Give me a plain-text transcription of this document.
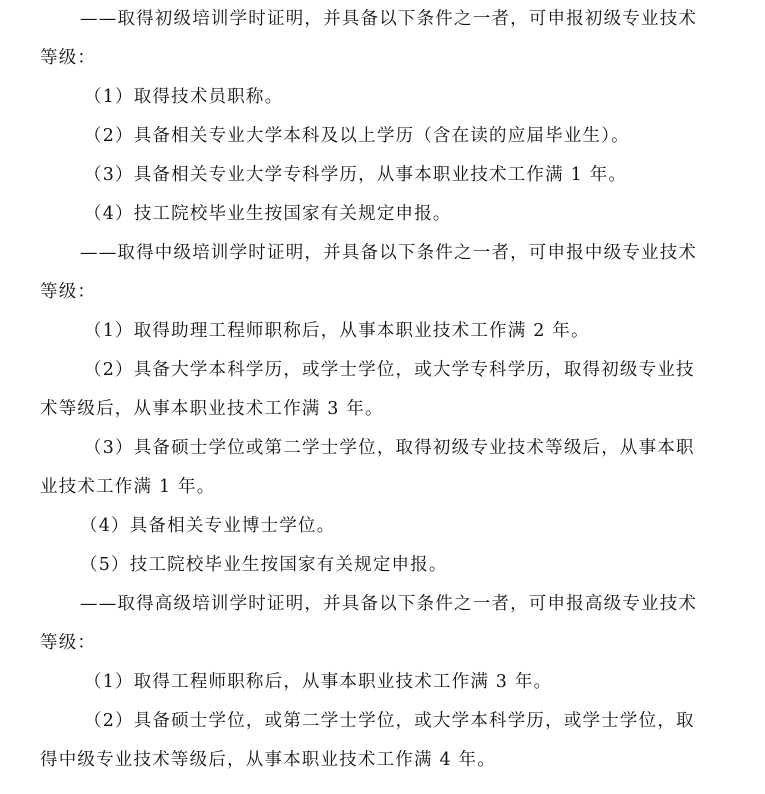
——取得初级培训学时证明，并具备以下条件之一者，可申报初级专业技术
等级：
（1）取得技术员职称。
（2）具备相关专业大学本科及以上学历（含在读的应届毕业生）。
（3）具备相关专业大学专科学历，从事本职业技术工作满 1 年。
（4）技工院校毕业生按国家有关规定申报。
——取得中级培训学时证明，并具备以下条件之一者，可申报中级专业技术
等级：
（1）取得助理工程师职称后，从事本职业技术工作满 2 年。
（2）具备大学本科学历，或学士学位，或大学专科学历，取得初级专业技
术等级后，从事本职业技术工作满 3 年。
（3）具备硕士学位或第二学士学位，取得初级专业技术等级后，从事本职
业技术工作满 1 年。
（4）具备相关专业博士学位。
（5）技工院校毕业生按国家有关规定申报。
——取得高级培训学时证明，并具备以下条件之一者，可申报高级专业技术
等级：
（1）取得工程师职称后，从事本职业技术工作满 3 年。
（2）具备硕士学位，或第二学士学位，或大学本科学历，或学士学位，取
得中级专业技术等级后，从事本职业技术工作满 4 年。
